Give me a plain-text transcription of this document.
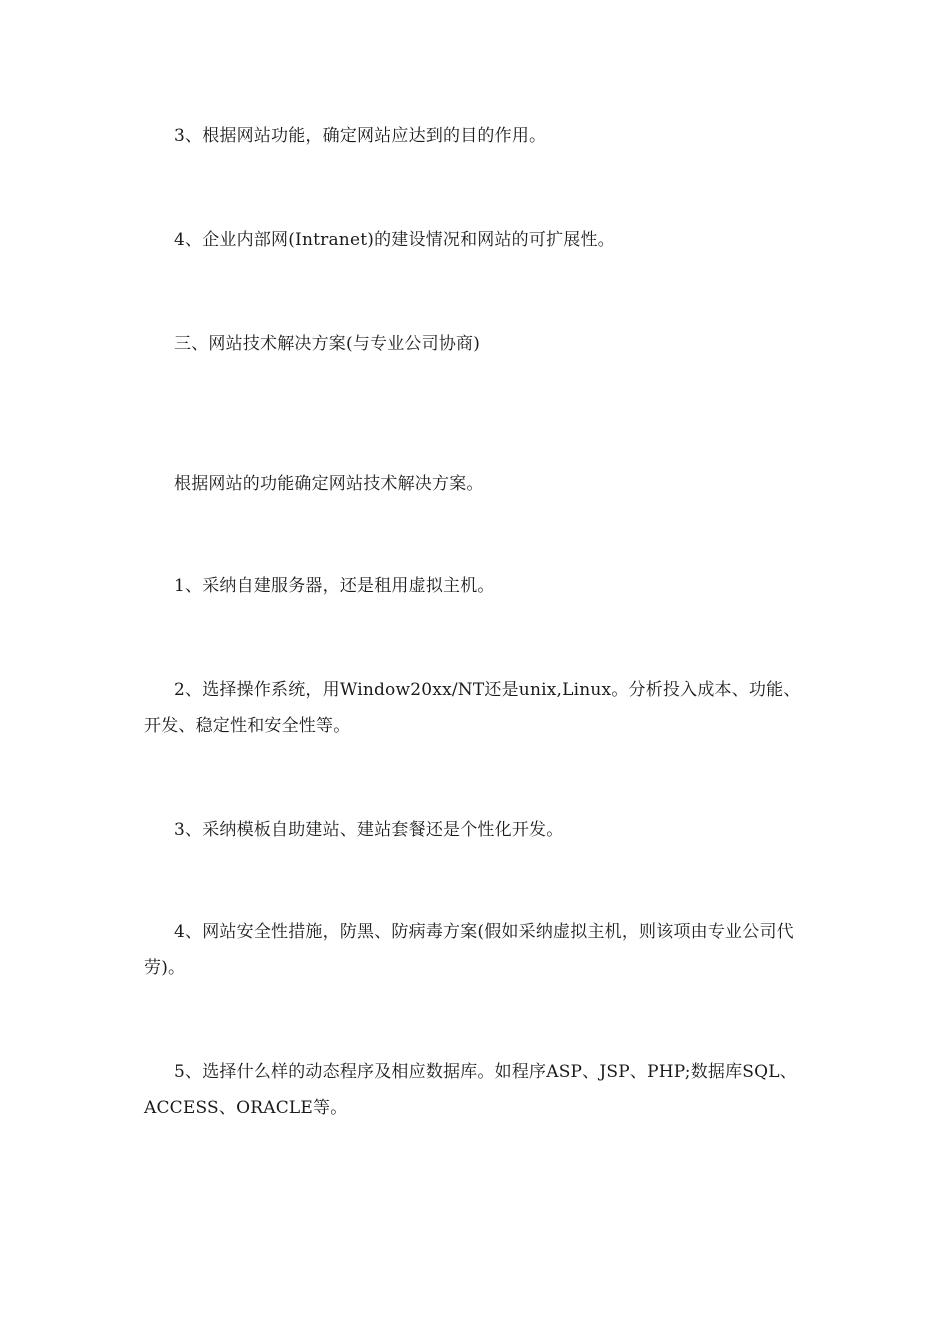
3、根据网站功能，确定网站应达到的目的作用。

4、企业内部网(Intranet)的建设情况和网站的可扩展性。

三、网站技术解决方案(与专业公司协商)

根据网站的功能确定网站技术解决方案。

1、采纳自建服务器，还是租用虚拟主机。

2、选择操作系统，用Window20xx/NT还是unix,Linux。分析投入成本、功能、开发、稳定性和安全性等。

3、采纳模板自助建站、建站套餐还是个性化开发。

4、网站安全性措施，防黑、防病毒方案(假如采纳虚拟主机，则该项由专业公司代劳)。

5、选择什么样的动态程序及相应数据库。如程序ASP、JSP、PHP;数据库SQL、ACCESS、ORACLE等。
